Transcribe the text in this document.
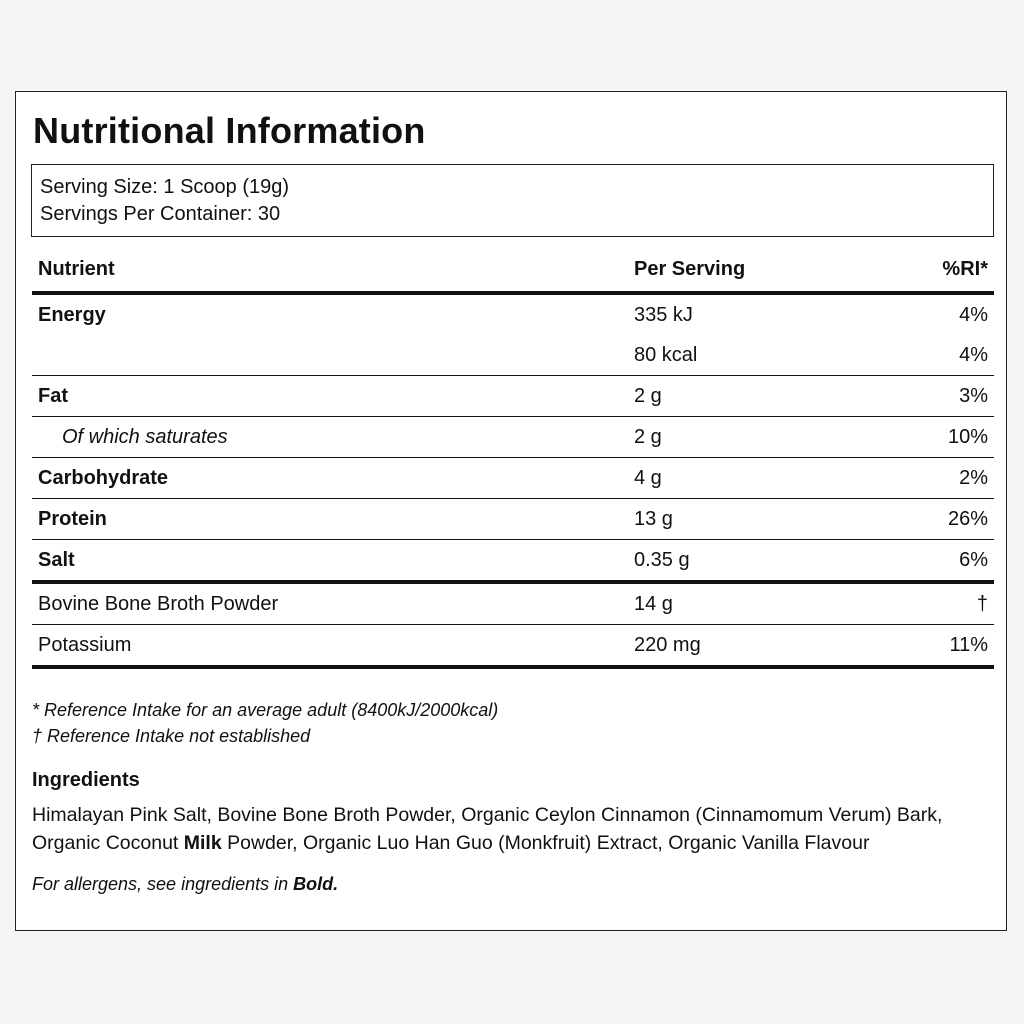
Nutritional Information
Serving Size: 1 Scoop (19g)
Servings Per Container: 30
Nutrient	Per Serving	%RI*
Energy	335 kJ	4%
	80 kcal	4%
Fat	2 g	3%
Of which saturates	2 g	10%
Carbohydrate	4 g	2%
Protein	13 g	26%
Salt	0.35 g	6%
Bovine Bone Broth Powder	14 g	†
Potassium	220 mg	11%
* Reference Intake for an average adult (8400kJ/2000kcal)
† Reference Intake not established
Ingredients
Himalayan Pink Salt, Bovine Bone Broth Powder, Organic Ceylon Cinnamon (Cinnamomum Verum) Bark, Organic Coconut Milk Powder, Organic Luo Han Guo (Monkfruit) Extract, Organic Vanilla Flavour
For allergens, see ingredients in Bold.
